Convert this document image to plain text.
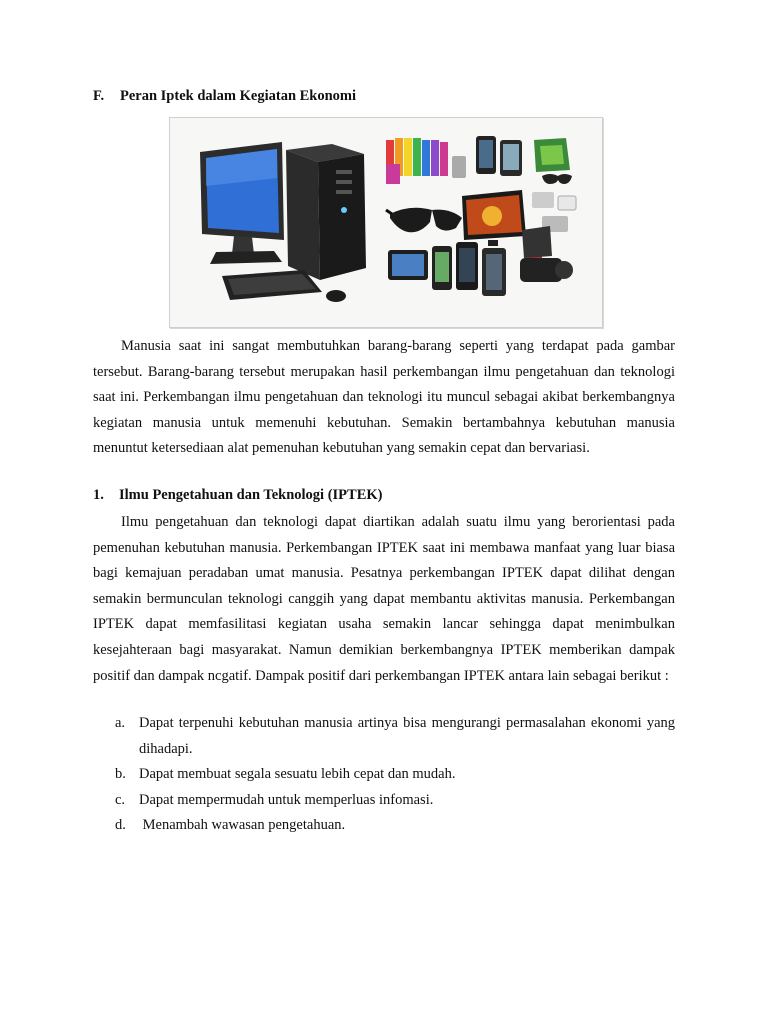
F. Peran Iptek dalam Kegiatan Ekonomi
Manusia saat ini sangat membutuhkan barang-barang seperti yang terdapat pada gambar tersebut. Barang-barang tersebut merupakan hasil perkembangan ilmu pengetahuan dan teknologi saat ini. Perkembangan ilmu pengetahuan dan teknologi itu muncul sebagai akibat berkembangnya kegiatan manusia untuk memenuhi kebutuhan. Semakin bertambahnya kebutuhan manusia menuntut ketersediaan alat pemenuhan kebutuhan yang semakin cepat dan bervariasi.
1. Ilmu Pengetahuan dan Teknologi (IPTEK)
Ilmu pengetahuan dan teknologi dapat diartikan adalah suatu ilmu yang berorientasi pada pemenuhan kebutuhan manusia. Perkembangan IPTEK saat ini membawa manfaat yang luar biasa bagi kemajuan peradaban umat manusia. Pesatnya perkembangan IPTEK dapat dilihat dengan semakin bermunculan teknologi canggih yang dapat membantu aktivitas manusia. Perkembangan IPTEK dapat memfasilitasi kegiatan usaha semakin lancar sehingga dapat menimbulkan kesejahteraan bagi masyarakat. Namun demikian berkembangnya IPTEK memberikan dampak positif dan dampak ncgatif. Dampak positif dari perkembangan IPTEK antara lain sebagai berikut :
a. Dapat terpenuhi kebutuhan manusia artinya bisa mengurangi permasalahan ekonomi yang dihadapi.
b. Dapat membuat segala sesuatu lebih cepat dan mudah.
c. Dapat mempermudah untuk memperluas infomasi.
d. Menambah wawasan pengetahuan.
